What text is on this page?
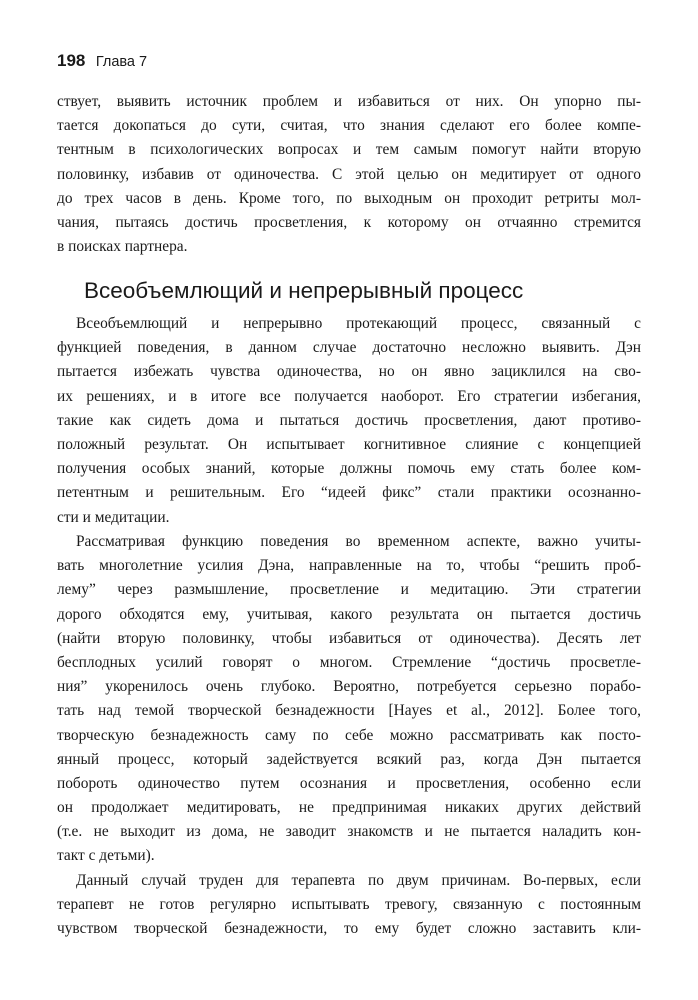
198 Глава 7
ствует, выявить источник проблем и избавиться от них. Он упорно пы-
тается докопаться до сути, считая, что знания сделают его более компе-
тентным в психологических вопросах и тем самым помогут найти вторую
половинку, избавив от одиночества. С этой целью он медитирует от одного
до трех часов в день. Кроме того, по выходным он проходит ретриты мол-
чания, пытаясь достичь просветления, к которому он отчаянно стремится
в поисках партнера.
Всеобъемлющий и непрерывный процесс
Всеобъемлющий и непрерывно протекающий процесс, связанный с
функцией поведения, в данном случае достаточно несложно выявить. Дэн
пытается избежать чувства одиночества, но он явно зациклился на сво-
их решениях, и в итоге все получается наоборот. Его стратегии избегания,
такие как сидеть дома и пытаться достичь просветления, дают противо-
положный результат. Он испытывает когнитивное слияние с концепцией
получения особых знаний, которые должны помочь ему стать более ком-
петентным и решительным. Его “идеей фикс” стали практики осознанно-
сти и медитации.
Рассматривая функцию поведения во временном аспекте, важно учиты-
вать многолетние усилия Дэна, направленные на то, чтобы “решить проб-
лему” через размышление, просветление и медитацию. Эти стратегии
дорого обходятся ему, учитывая, какого результата он пытается достичь
(найти вторую половинку, чтобы избавиться от одиночества). Десять лет
бесплодных усилий говорят о многом. Стремление “достичь просветле-
ния” укоренилось очень глубоко. Вероятно, потребуется серьезно порабо-
тать над темой творческой безнадежности [Hayes et al., 2012]. Более того,
творческую безнадежность саму по себе можно рассматривать как посто-
янный процесс, который задействуется всякий раз, когда Дэн пытается
побороть одиночество путем осознания и просветления, особенно если
он продолжает медитировать, не предпринимая никаких других действий
(т.е. не выходит из дома, не заводит знакомств и не пытается наладить кон-
такт с детьми).
Данный случай труден для терапевта по двум причинам. Во-первых, если
терапевт не готов регулярно испытывать тревогу, связанную с постоянным
чувством творческой безнадежности, то ему будет сложно заставить кли-
